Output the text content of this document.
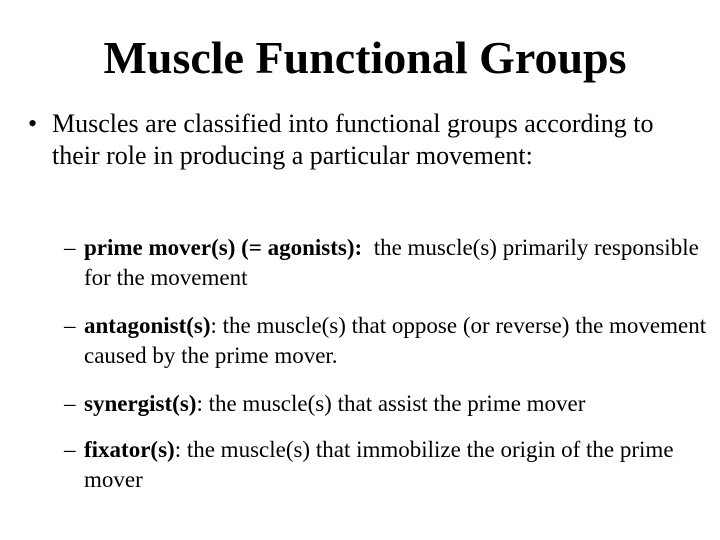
Muscle Functional Groups
• Muscles are classified into functional groups according to their role in producing a particular movement:
– prime mover(s) (= agonists): the muscle(s) primarily responsible for the movement
– antagonist(s): the muscle(s) that oppose (or reverse) the movement caused by the prime mover.
– synergist(s): the muscle(s) that assist the prime mover
– fixator(s): the muscle(s) that immobilize the origin of the prime mover
